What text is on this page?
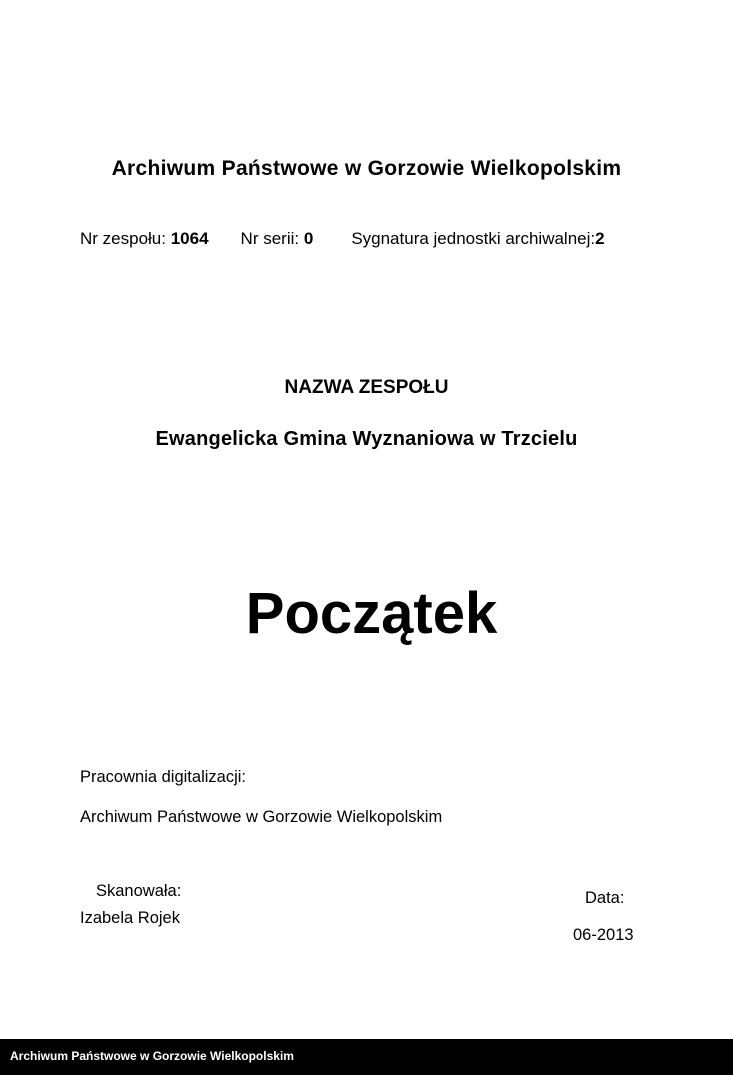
Archiwum Państwowe w Gorzowie Wielkopolskim
Nr zespołu: 1064 Nr serii: 0 Sygnatura jednostki archiwalnej:2
NAZWA ZESPOŁU
Ewangelicka Gmina Wyznaniowa w Trzcielu
Początek
Pracownia digitalizacji:
Archiwum Państwowe w Gorzowie Wielkopolskim
Skanowała:
Izabela Rojek
Data:
06-2013
Archiwum Państwowe w Gorzowie Wielkopolskim
